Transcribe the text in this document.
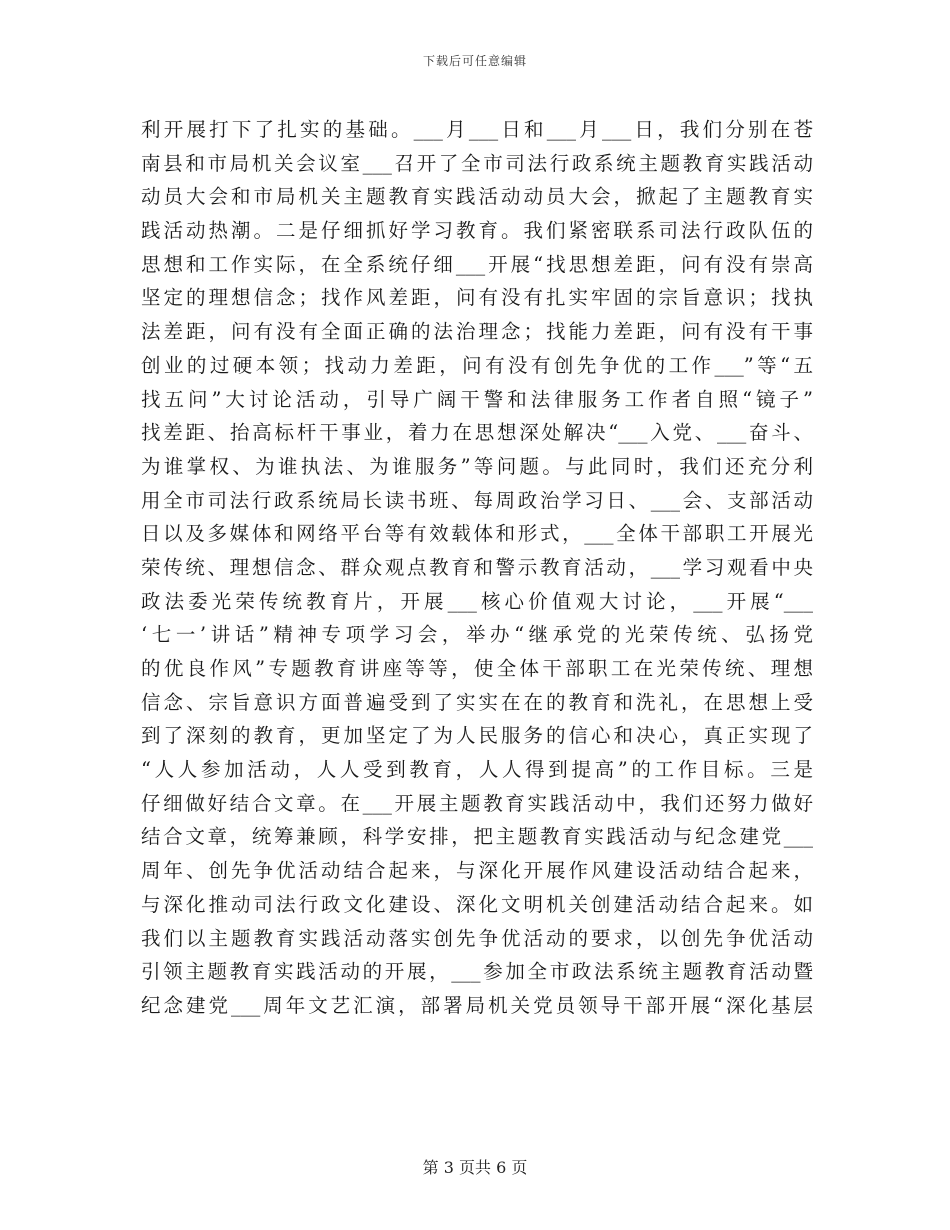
下载后可任意编辑
利开展打下了扎实的基础。___月___日和___月___日，我们分别在苍
南县和市局机关会议室___召开了全市司法行政系统主题教育实践活动
动员大会和市局机关主题教育实践活动动员大会，掀起了主题教育实
践活动热潮。二是仔细抓好学习教育。我们紧密联系司法行政队伍的
思想和工作实际，在全系统仔细___开展“找思想差距，问有没有崇高
坚定的理想信念；找作风差距，问有没有扎实牢固的宗旨意识；找执
法差距，问有没有全面正确的法治理念；找能力差距，问有没有干事
创业的过硬本领；找动力差距，问有没有创先争优的工作___”等“五
找五问”大讨论活动，引导广阔干警和法律服务工作者自照“镜子”
找差距、抬高标杆干事业，着力在思想深处解决“___入党、___奋斗、
为谁掌权、为谁执法、为谁服务”等问题。与此同时，我们还充分利
用全市司法行政系统局长读书班、每周政治学习日、___会、支部活动
日以及多媒体和网络平台等有效载体和形式，___全体干部职工开展光
荣传统、理想信念、群众观点教育和警示教育活动，___学习观看中央
政法委光荣传统教育片，开展___核心价值观大讨论，___开展“___
‘七一’讲话”精神专项学习会，举办“继承党的光荣传统、弘扬党
的优良作风”专题教育讲座等等，使全体干部职工在光荣传统、理想
信念、宗旨意识方面普遍受到了实实在在的教育和洗礼，在思想上受
到了深刻的教育，更加坚定了为人民服务的信心和决心，真正实现了
“人人参加活动，人人受到教育，人人得到提高”的工作目标。三是
仔细做好结合文章。在___开展主题教育实践活动中，我们还努力做好
结合文章，统筹兼顾，科学安排，把主题教育实践活动与纪念建党___
周年、创先争优活动结合起来，与深化开展作风建设活动结合起来，
与深化推动司法行政文化建设、深化文明机关创建活动结合起来。如
我们以主题教育实践活动落实创先争优活动的要求，以创先争优活动
引领主题教育实践活动的开展，___参加全市政法系统主题教育活动暨
纪念建党___周年文艺汇演，部署局机关党员领导干部开展“深化基层
第 3 页共 6 页
